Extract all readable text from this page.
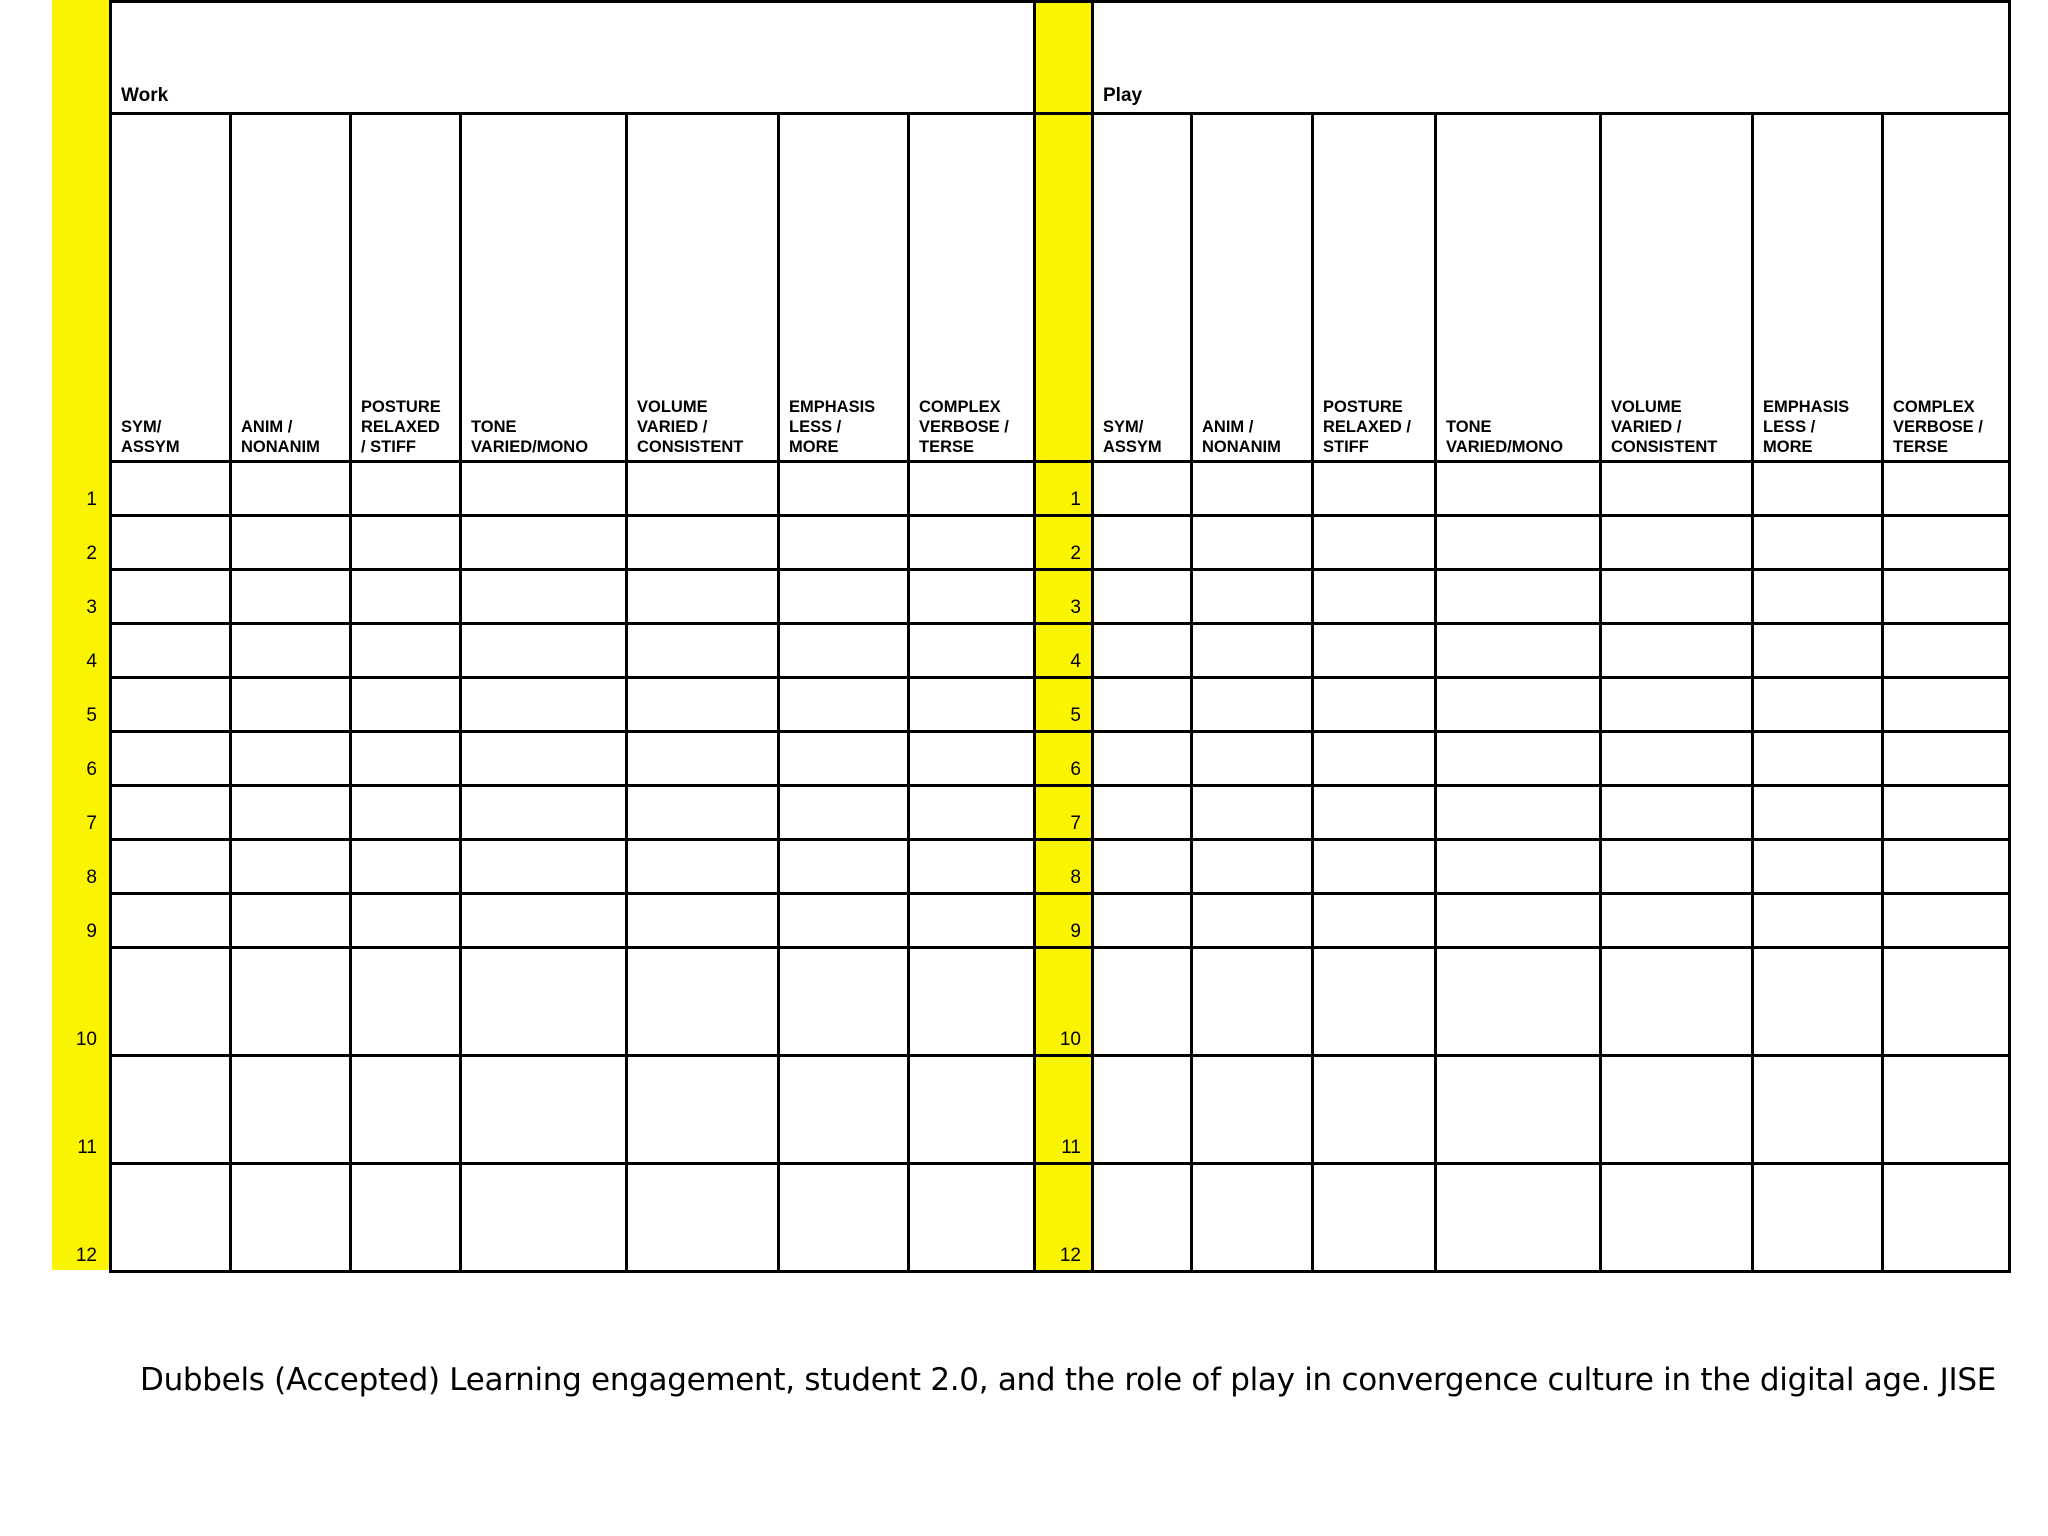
Work
SYM/
ASSYM
ANIM /
NONANIM
POSTURE
RELAXED
/ STIFF
TONE
VARIED/MONO
VOLUME
VARIED /
CONSISTENT
EMPHASIS
LESS /
MORE
COMPLEX
VERBOSE /
TERSE
1
2
3
4
5
6
7
8
9
10
11
12
Play
SYM/
ASSYM
ANIM /
NONANIM
POSTURE
RELAXED /
STIFF
TONE
VARIED/MONO
VOLUME
VARIED /
CONSISTENT
EMPHASIS
LESS /
MORE
COMPLEX
VERBOSE /
TERSE
1
2
3
4
5
6
7
8
9
10
11
12
Dubbels (Accepted) Learning engagement, student 2.0, and the role of play in convergence culture in the digital age. JISE
